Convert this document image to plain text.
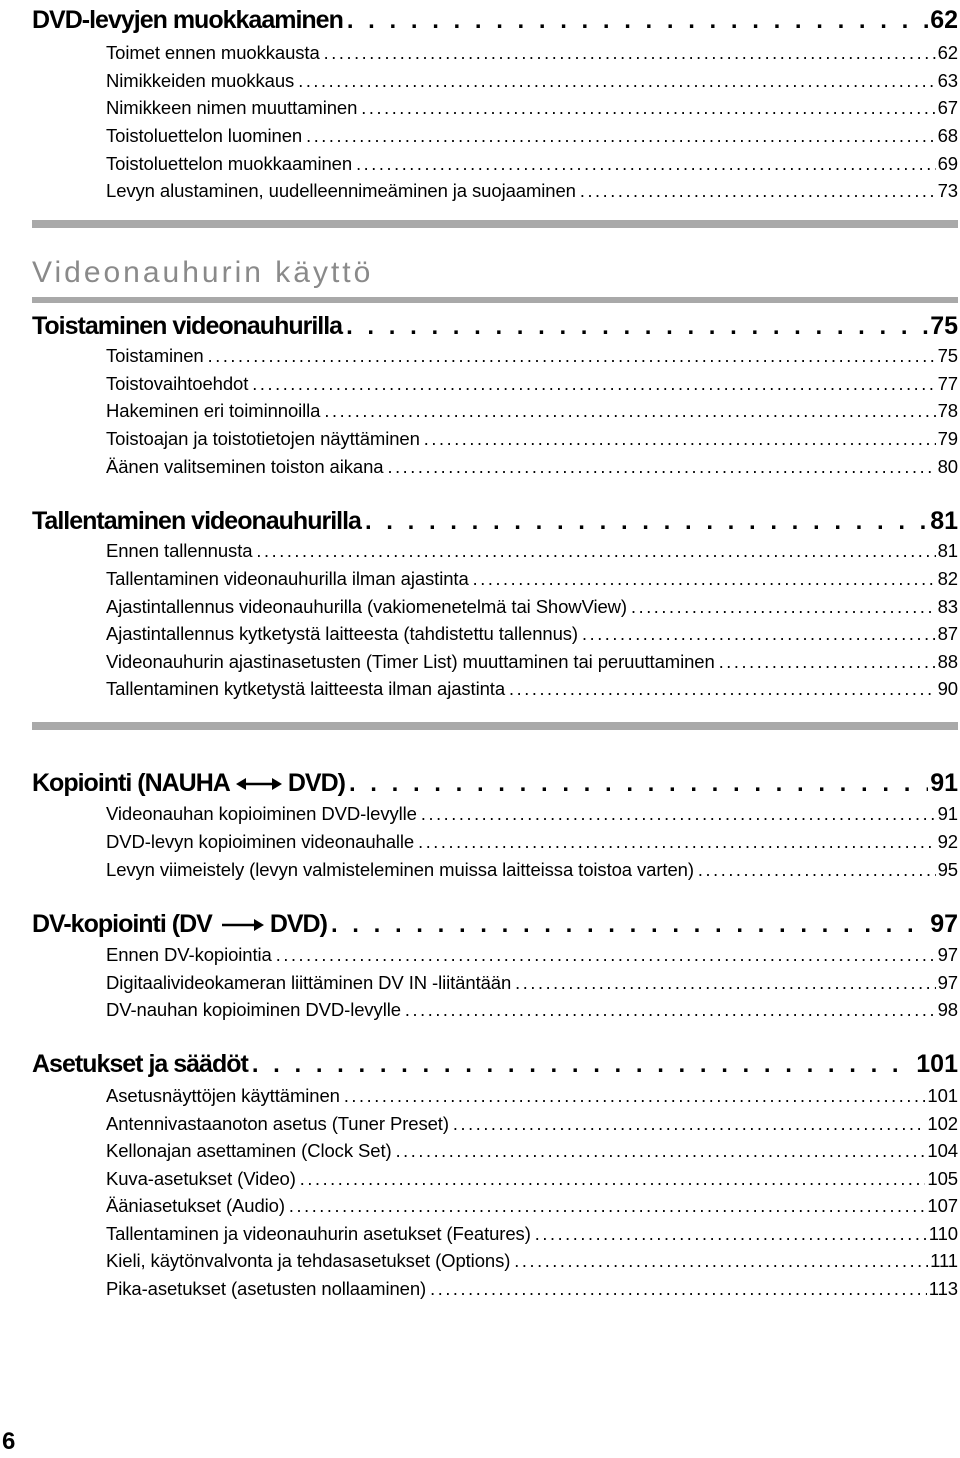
DVD-levyjen muokkaaminen . . .	62
Toimet ennen muokkausta . . .	62
Nimikkeiden muokkaus . . .	63
Nimikkeen nimen muuttaminen . . .	67
Toistoluettelon luominen . . .	68
Toistoluettelon muokkaaminen . . .	69
Levyn alustaminen, uudelleennimeäminen ja suojaaminen . . .	73
Videonauhurin käyttö
Toistaminen videonauhurilla . . .	75
Toistaminen . . .	75
Toistovaihtoehdot . . .	77
Hakeminen eri toiminnoilla . . .	78
Toistoajan ja toistotietojen näyttäminen . . .	79
Äänen valitseminen toiston aikana . . .	80
Tallentaminen videonauhurilla . . .	81
Ennen tallennusta . . .	81
Tallentaminen videonauhurilla ilman ajastinta . . .	82
Ajastintallennus videonauhurilla (vakiomenetelmä tai ShowView) . . .	83
Ajastintallennus kytketystä laitteesta (tahdistettu tallennus) . . .	87
Videonauhurin ajastinasetusten (Timer List) muuttaminen tai peruuttaminen . . .	88
Tallentaminen kytketystä laitteesta ilman ajastinta . . .	90
Kopiointi (NAUHA DVD) . . .	91
Videonauhan kopioiminen DVD-levylle . . .	91
DVD-levyn kopioiminen videonauhalle . . .	92
Levyn viimeistely (levyn valmisteleminen muissa laitteissa toistoa varten) . . .	95
DV-kopiointi (DV DVD) . . .	97
Ennen DV-kopiointia . . .	97
Digitaalivideokameran liittäminen DV IN -liitäntään . . .	97
DV-nauhan kopioiminen DVD-levylle . . .	98
Asetukset ja säädöt . . .	101
Asetusnäyttöjen käyttäminen . . .	101
Antennivastaanoton asetus (Tuner Preset) . . .	102
Kellonajan asettaminen (Clock Set) . . .	104
Kuva-asetukset (Video) . . .	105
Ääniasetukset (Audio) . . .	107
Tallentaminen ja videonauhurin asetukset (Features) . . .	110
Kieli, käytönvalvonta ja tehdasasetukset (Options) . . .	111
Pika-asetukset (asetusten nollaaminen) . . .	113
6
